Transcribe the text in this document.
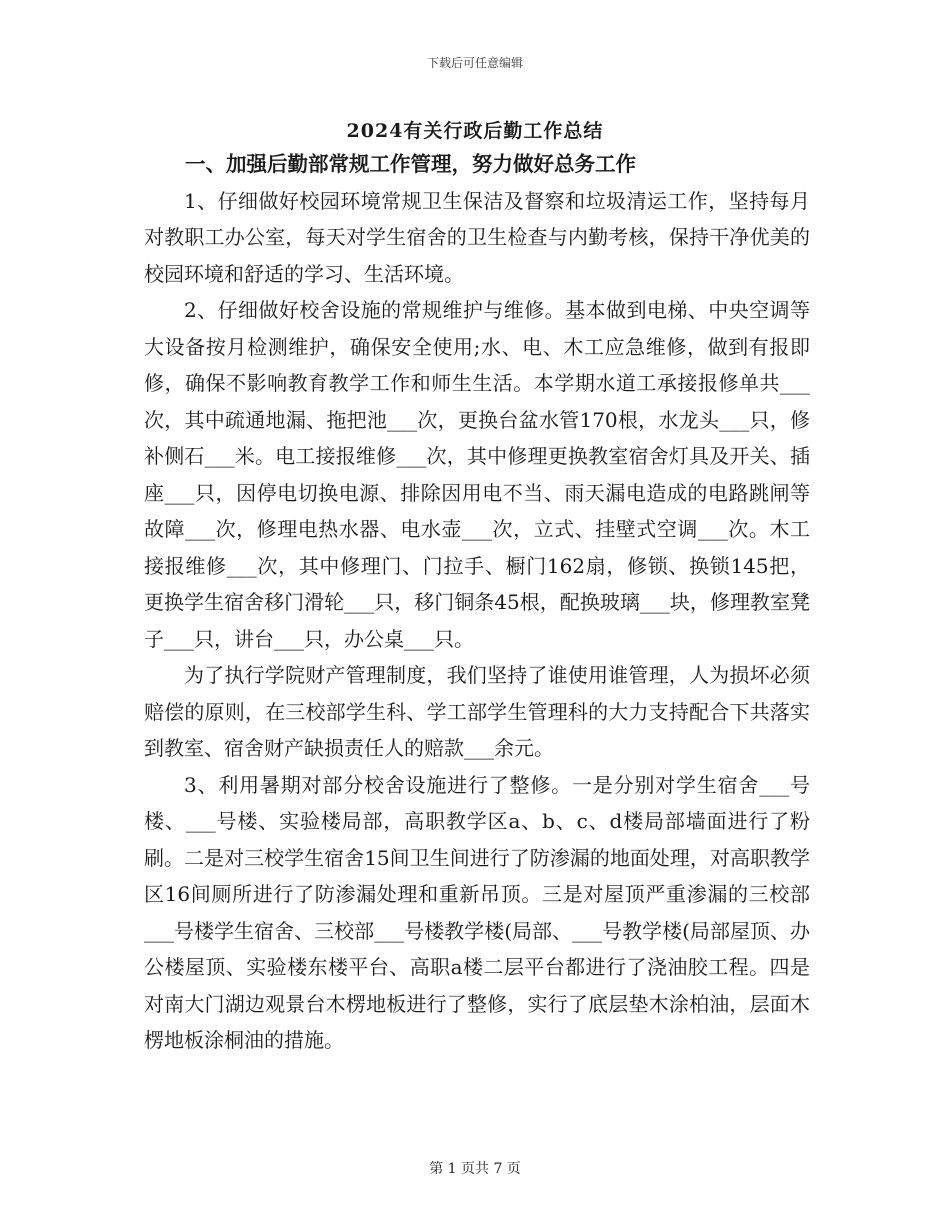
下载后可任意编辑
2024有关行政后勤工作总结

一、加强后勤部常规工作管理，努力做好总务工作

1、仔细做好校园环境常规卫生保洁及督察和垃圾清运工作，坚持每月对教职工办公室，每天对学生宿舍的卫生检查与内勤考核，保持干净优美的校园环境和舒适的学习、生活环境。

2、仔细做好校舍设施的常规维护与维修。基本做到电梯、中央空调等大设备按月检测维护，确保安全使用;水、电、木工应急维修，做到有报即修，确保不影响教育教学工作和师生生活。本学期水道工承接报修单共___次，其中疏通地漏、拖把池___次，更换台盆水管170根，水龙头___只，修补侧石___米。电工接报维修___次，其中修理更换教室宿舍灯具及开关、插座___只，因停电切换电源、排除因用电不当、雨天漏电造成的电路跳闸等故障___次，修理电热水器、电水壶___次，立式、挂壁式空调___次。木工接报维修___次，其中修理门、门拉手、橱门162扇，修锁、换锁145把，更换学生宿舍移门滑轮___只，移门铜条45根，配换玻璃___块，修理教室凳子___只，讲台___只，办公桌___只。

为了执行学院财产管理制度，我们坚持了谁使用谁管理，人为损坏必须赔偿的原则，在三校部学生科、学工部学生管理科的大力支持配合下共落实到教室、宿舍财产缺损责任人的赔款___余元。

3、利用暑期对部分校舍设施进行了整修。一是分别对学生宿舍___号楼、___号楼、实验楼局部，高职教学区a、b、c、d楼局部墙面进行了粉刷。二是对三校学生宿舍15间卫生间进行了防渗漏的地面处理，对高职教学区16间厕所进行了防渗漏处理和重新吊顶。三是对屋顶严重渗漏的三校部___号楼学生宿舍、三校部___号楼教学楼(局部、___号教学楼(局部屋顶、办公楼屋顶、实验楼东楼平台、高职a楼二层平台都进行了浇油胶工程。四是对南大门湖边观景台木楞地板进行了整修，实行了底层垫木涂柏油，层面木楞地板涂桐油的措施。

第 1 页共 7 页
